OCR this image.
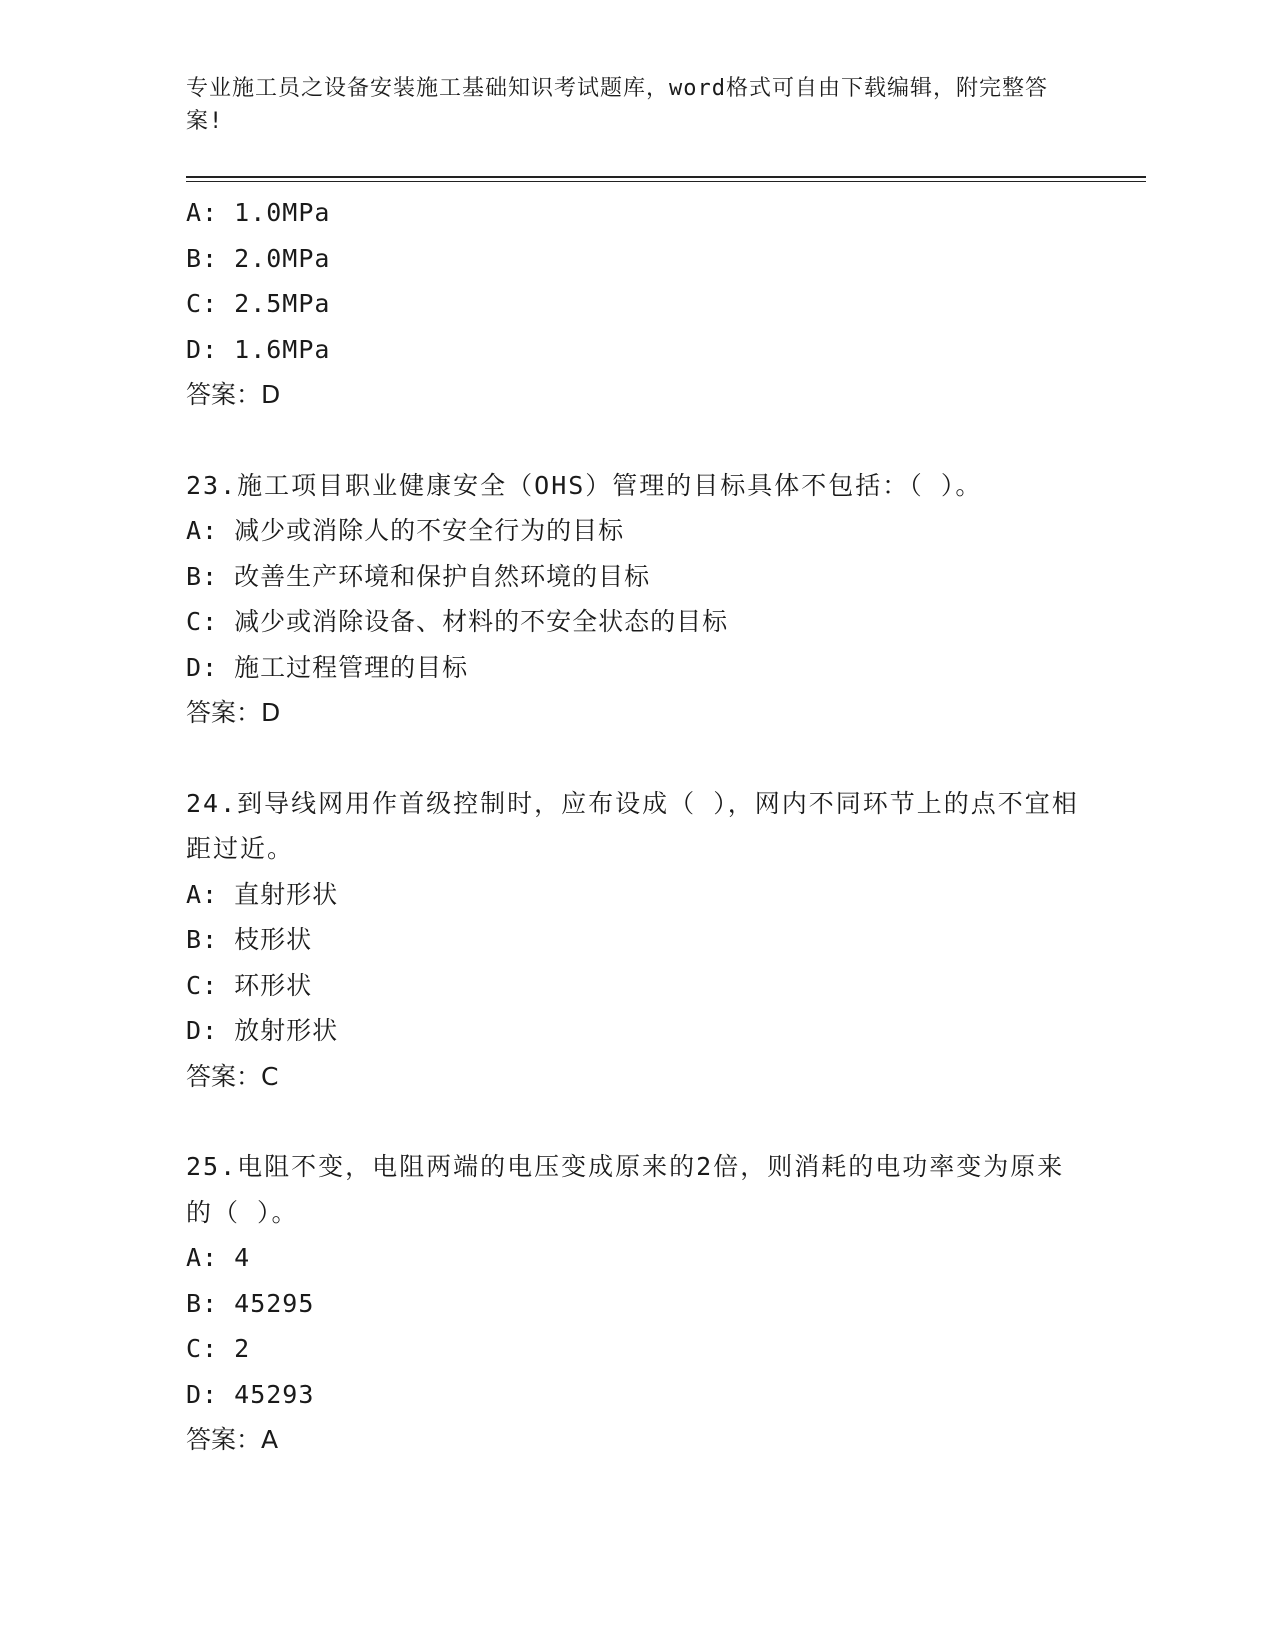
专业施工员之设备安装施工基础知识考试题库，word格式可自由下载编辑，附完整答案!
A: 1.0MPa
B: 2.0MPa
C: 2.5MPa
D: 1.6MPa
答案：D
23.施工项目职业健康安全（OHS）管理的目标具体不包括：（ ）。
A: 减少或消除人的不安全行为的目标
B: 改善生产环境和保护自然环境的目标
C: 减少或消除设备、材料的不安全状态的目标
D: 施工过程管理的目标
答案：D
24.到导线网用作首级控制时，应布设成（ ），网内不同环节上的点不宜相距过近。
A: 直射形状
B: 枝形状
C: 环形状
D: 放射形状
答案：C
25.电阻不变，电阻两端的电压变成原来的2倍，则消耗的电功率变为原来的（ ）。
A: 4
B: 45295
C: 2
D: 45293
答案：A
